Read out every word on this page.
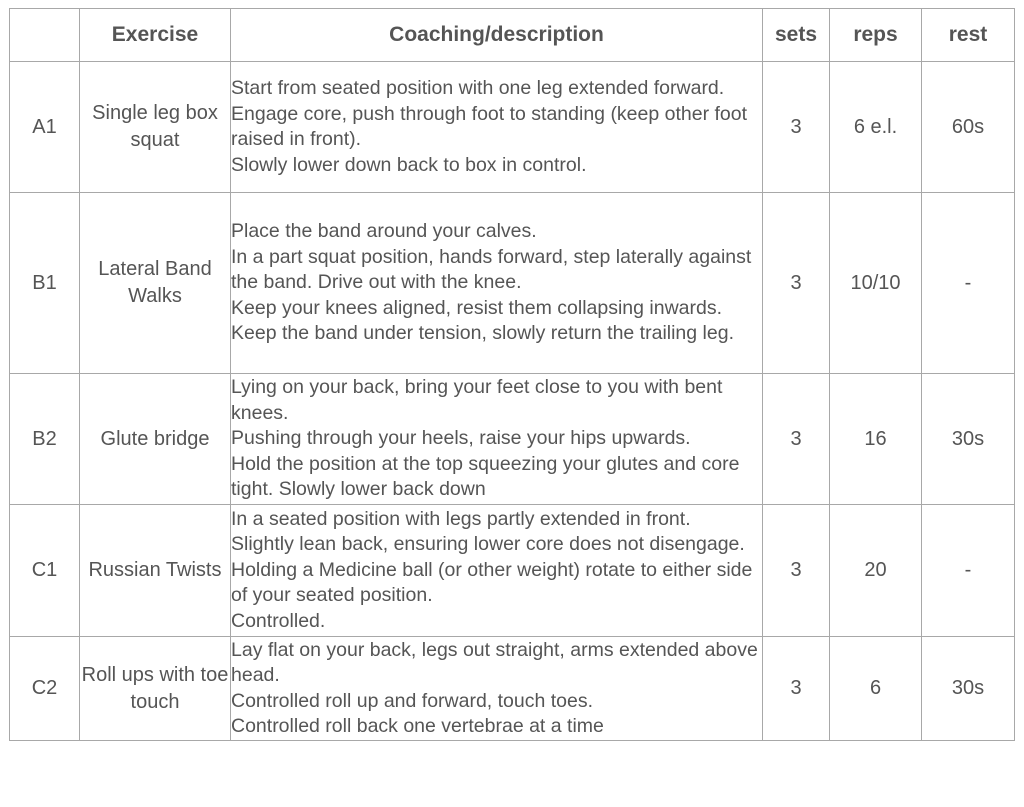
	Exercise	Coaching/description	sets	reps	rest
A1	Single leg box squat	Start from seated position with one leg extended forward.
Engage core, push through foot to standing (keep other foot raised in front).
Slowly lower down back to box in control.	3	6 e.l.	60s
B1	Lateral Band Walks	Place the band around your calves.
In a part squat position, hands forward, step laterally against the band. Drive out with the knee.
Keep your knees aligned, resist them collapsing inwards.
Keep the band under tension, slowly return the trailing leg.	3	10/10	-
B2	Glute bridge	Lying on your back, bring your feet close to you with bent knees.
Pushing through your heels, raise your hips upwards.
Hold the position at the top squeezing your glutes and core tight. Slowly lower back down	3	16	30s
C1	Russian Twists	In a seated position with legs partly extended in front.
Slightly lean back, ensuring lower core does not disengage. Holding a Medicine ball (or other weight) rotate to either side of your seated position.
Controlled.	3	20	-
C2	Roll ups with toe touch	Lay flat on your back, legs out straight, arms extended above head.
Controlled roll up and forward, touch toes.
Controlled roll back one vertebrae at a time	3	6	30s
